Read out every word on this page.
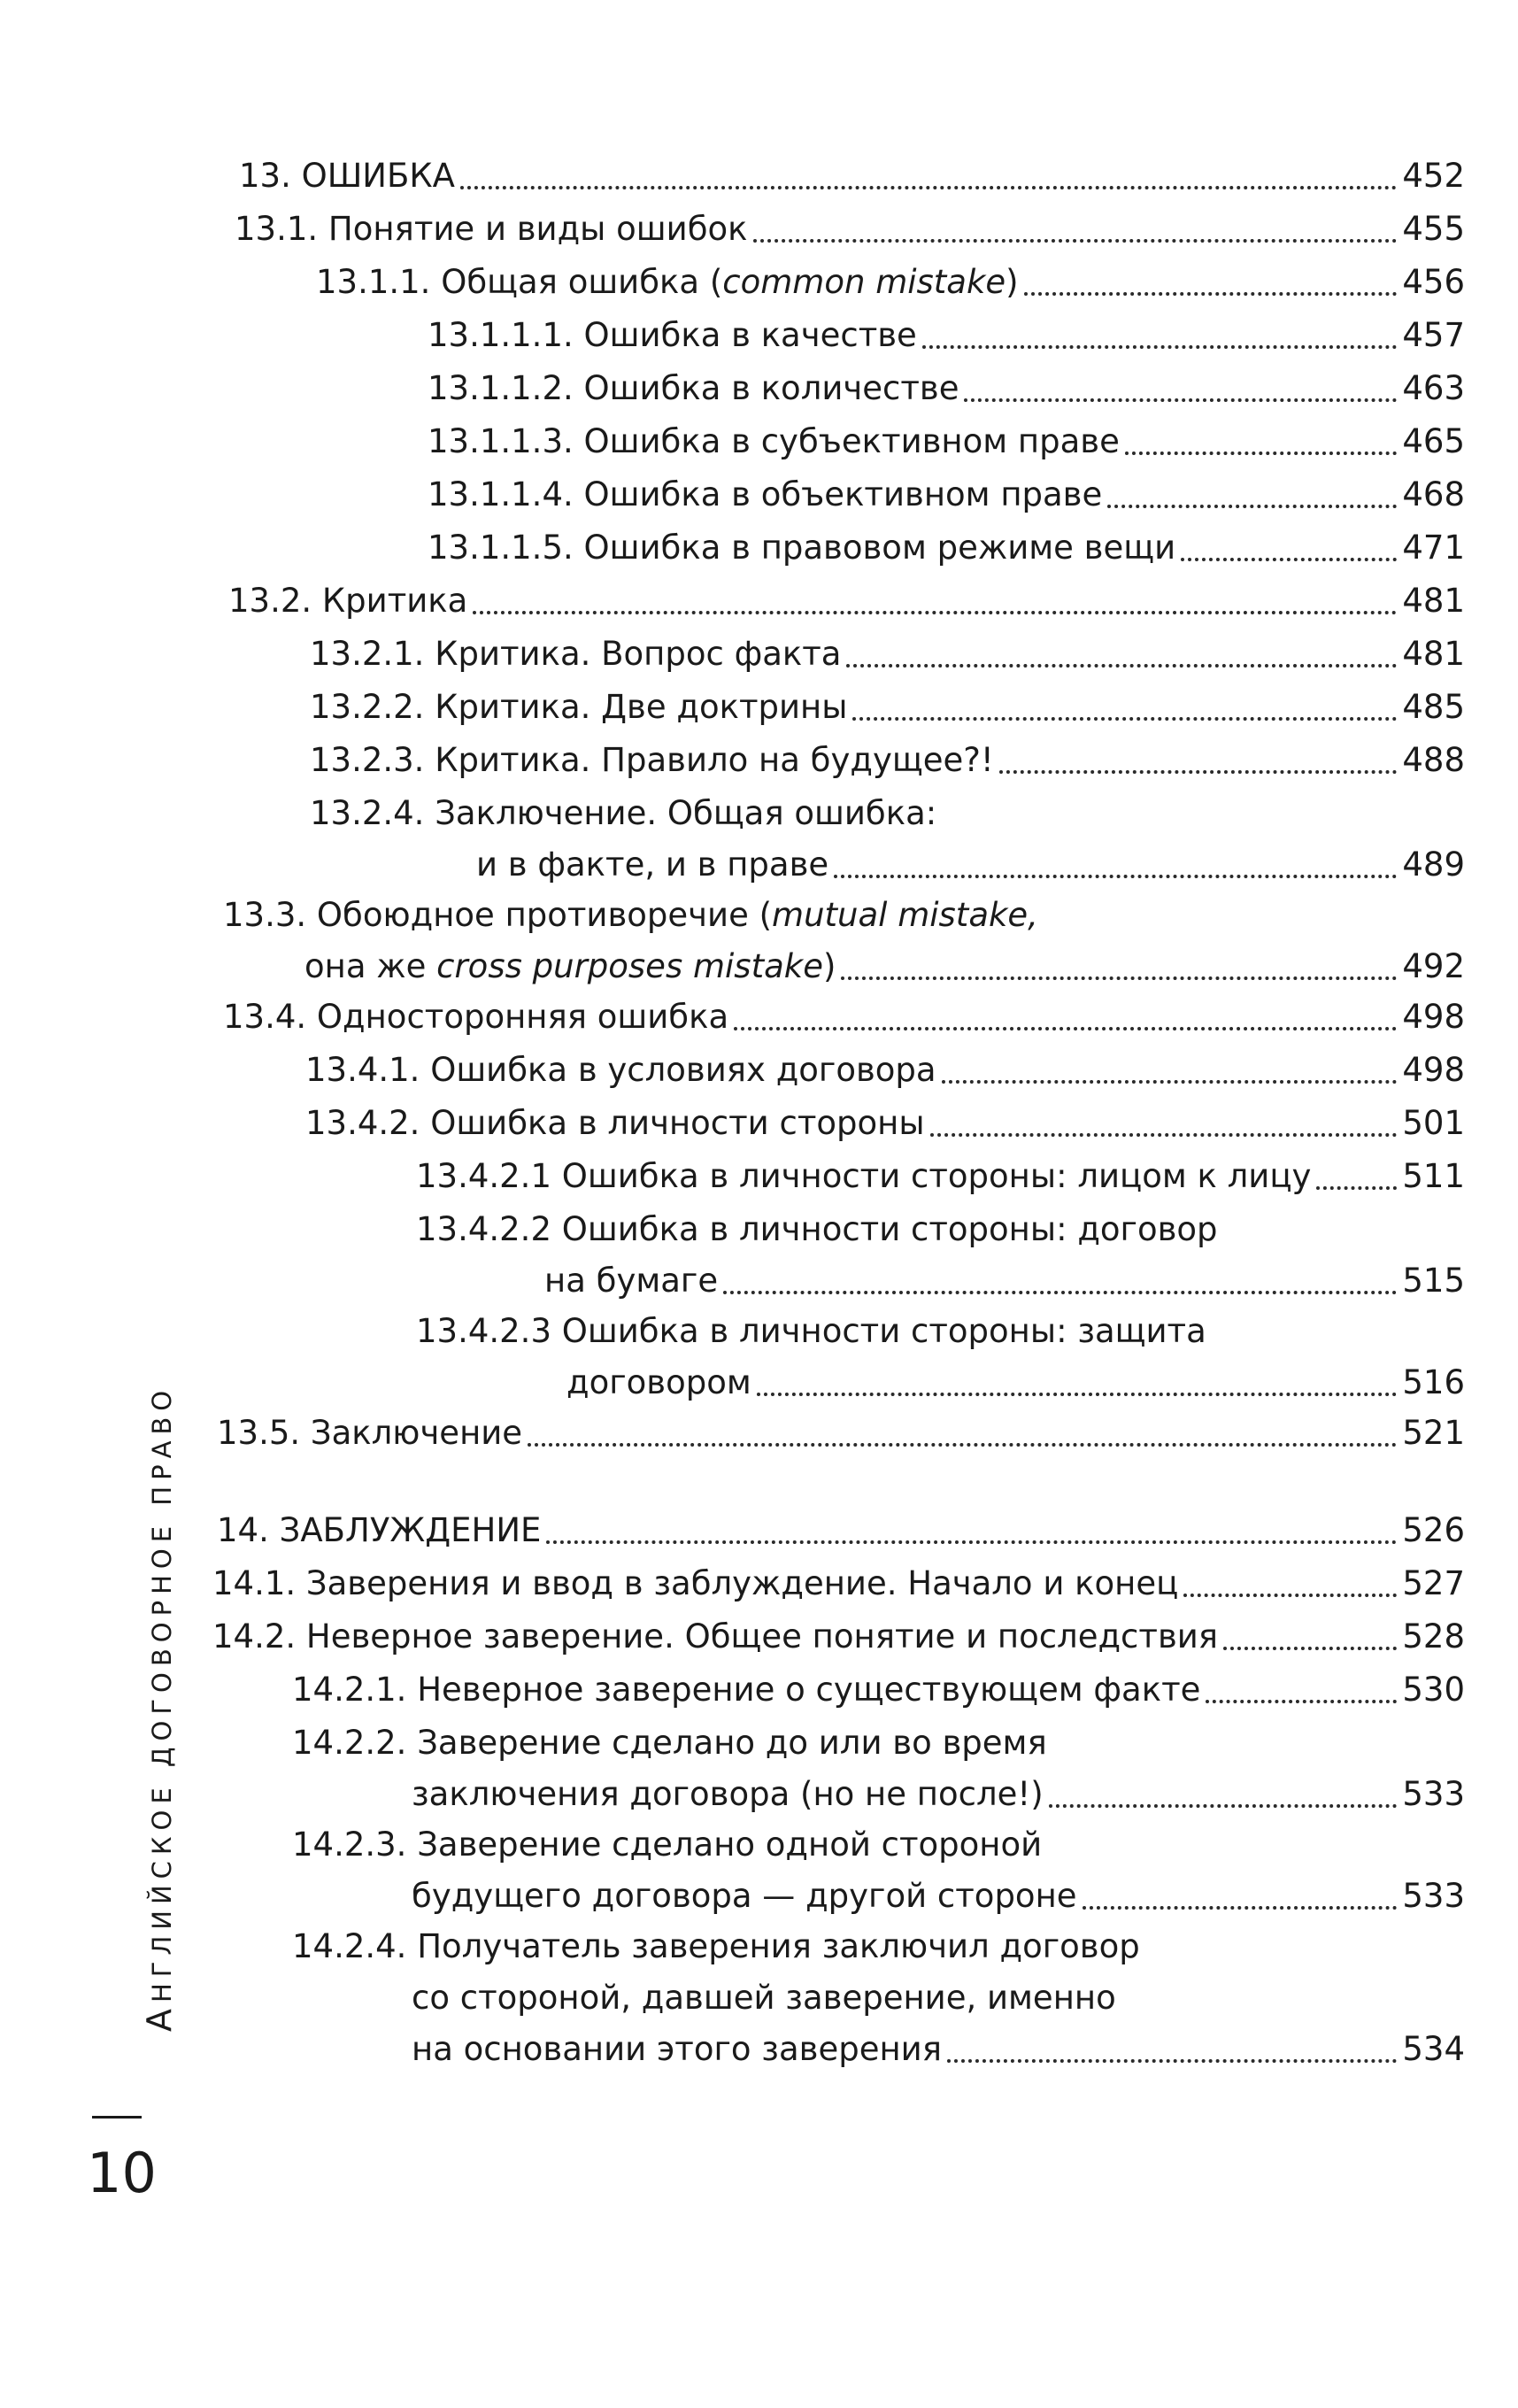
13. ОШИБКА	452
13.1. Понятие и виды ошибок	455
13.1.1. Общая ошибка (common mistake)	456
13.1.1.1. Ошибка в качестве	457
13.1.1.2. Ошибка в количестве	463
13.1.1.3. Ошибка в субъективном праве	465
13.1.1.4. Ошибка в объективном праве	468
13.1.1.5. Ошибка в правовом режиме вещи	471
13.2. Критика	481
13.2.1. Критика. Вопрос факта	481
13.2.2. Критика. Две доктрины	485
13.2.3. Критика. Правило на будущее?!	488
13.2.4. Заключение. Общая ошибка:
и в факте, и в праве	489
13.3. Обоюдное противоречие (mutual mistake,
она же cross purposes mistake)	492
13.4. Односторонняя ошибка	498
13.4.1. Ошибка в условиях договора	498
13.4.2. Ошибка в личности стороны	501
13.4.2.1 Ошибка в личности стороны: лицом к лицу	511
13.4.2.2 Ошибка в личности стороны: договор
на бумаге	515
13.4.2.3 Ошибка в личности стороны: защита
договором	516
13.5. Заключение	521
14. ЗАБЛУЖДЕНИЕ	526
14.1. Заверения и ввод в заблуждение. Начало и конец	527
14.2. Неверное заверение. Общее понятие и последствия	528
14.2.1. Неверное заверение о существующем факте	530
14.2.2. Заверение сделано до или во время
заключения договора (но не после!)	533
14.2.3. Заверение сделано одной стороной
будущего договора — другой стороне	533
14.2.4. Получатель заверения заключил договор
со стороной, давшей заверение, именно
на основании этого заверения	534
АНГЛИЙСКОЕ ДОГОВОРНОЕ ПРАВО
10
